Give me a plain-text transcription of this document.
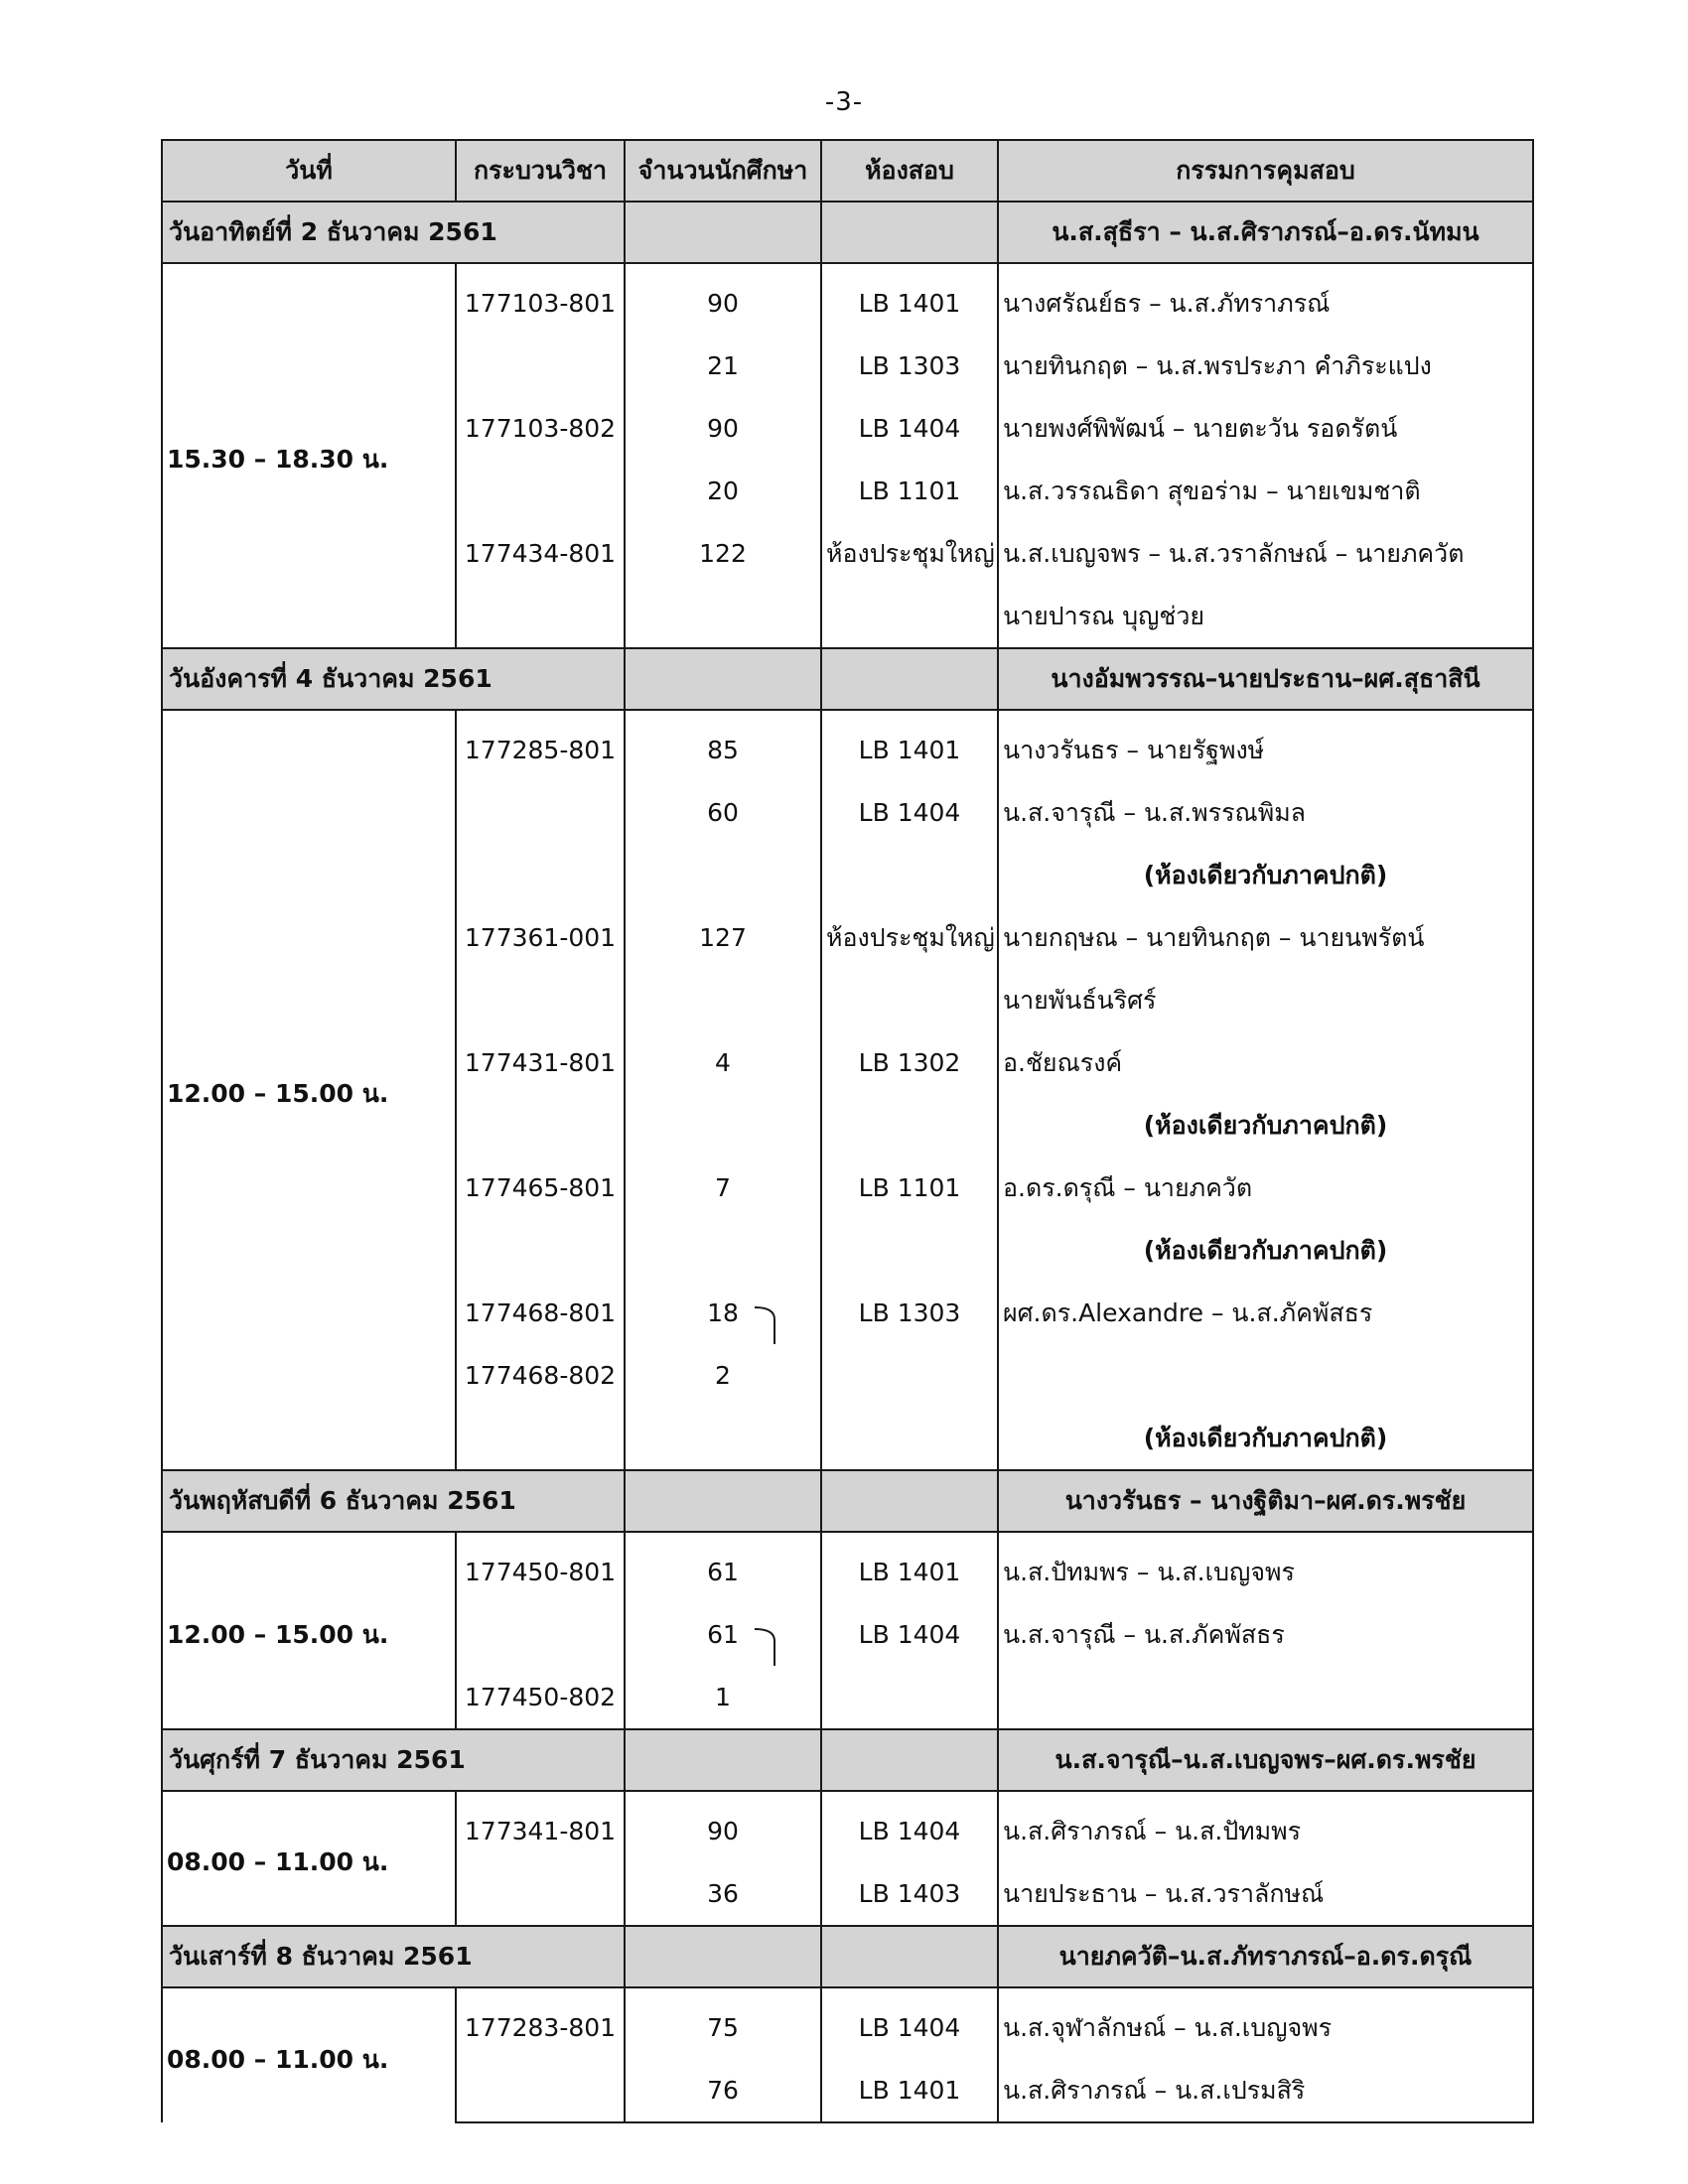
-3-
วันที่	กระบวนวิชา	จำนวนนักศึกษา	ห้องสอบ	กรรมการคุมสอบ
วันอาทิตย์ที่ 2 ธันวาคม 2561				น.ส.สุธีรา – น.ส.ศิราภรณ์–อ.ดร.นัทมน
15.30 – 18.30 น.	177103-801	90	LB 1401	นางศรัณย์ธร – น.ส.ภัทราภรณ์
		21	LB 1303	นายทินกฤต – น.ส.พรประภา คำภิระแปง
	177103-802	90	LB 1404	นายพงศ์พิพัฒน์ – นายตะวัน รอดรัตน์
		20	LB 1101	น.ส.วรรณธิดา สุขอร่าม – นายเขมชาติ
	177434-801	122	ห้องประชุมใหญ่	น.ส.เบญจพร – น.ส.วราลักษณ์ – นายภควัต
				นายปารณ บุญช่วย
วันอังคารที่ 4 ธันวาคม 2561				นางอัมพวรรณ–นายประธาน–ผศ.สุธาสินี
12.00 – 15.00 น.	177285-801	85	LB 1401	นางวรันธร – นายรัฐพงษ์
		60	LB 1404	น.ส.จารุณี – น.ส.พรรณพิมล
				(ห้องเดียวกับภาคปกติ)
	177361-001	127	ห้องประชุมใหญ่	นายกฤษณ – นายทินกฤต – นายนพรัตน์
				นายพันธ์นริศร์
	177431-801	4	LB 1302	อ.ชัยณรงค์
				(ห้องเดียวกับภาคปกติ)
	177465-801	7	LB 1101	อ.ดร.ดรุณี – นายภควัต
				(ห้องเดียวกับภาคปกติ)
	177468-801	18	LB 1303	ผศ.ดร.Alexandre – น.ส.ภัคพัสธร
	177468-802	2		
				(ห้องเดียวกับภาคปกติ)
วันพฤหัสบดีที่ 6 ธันวาคม 2561				นางวรันธร – นางฐิติมา–ผศ.ดร.พรชัย
12.00 – 15.00 น.	177450-801	61	LB 1401	น.ส.ปัทมพร – น.ส.เบญจพร
		61	LB 1404	น.ส.จารุณี – น.ส.ภัคพัสธร
	177450-802	1		
วันศุกร์ที่ 7 ธันวาคม 2561				น.ส.จารุณี–น.ส.เบญจพร–ผศ.ดร.พรชัย
08.00 – 11.00 น.	177341-801	90	LB 1404	น.ส.ศิราภรณ์ – น.ส.ปัทมพร
		36	LB 1403	นายประธาน – น.ส.วราลักษณ์
วันเสาร์ที่ 8 ธันวาคม 2561				นายภควัติ–น.ส.ภัทราภรณ์–อ.ดร.ดรุณี
08.00 – 11.00 น.	177283-801	75	LB 1404	น.ส.จุฬาลักษณ์ – น.ส.เบญจพร
		76	LB 1401	น.ส.ศิราภรณ์ – น.ส.เปรมสิริ
